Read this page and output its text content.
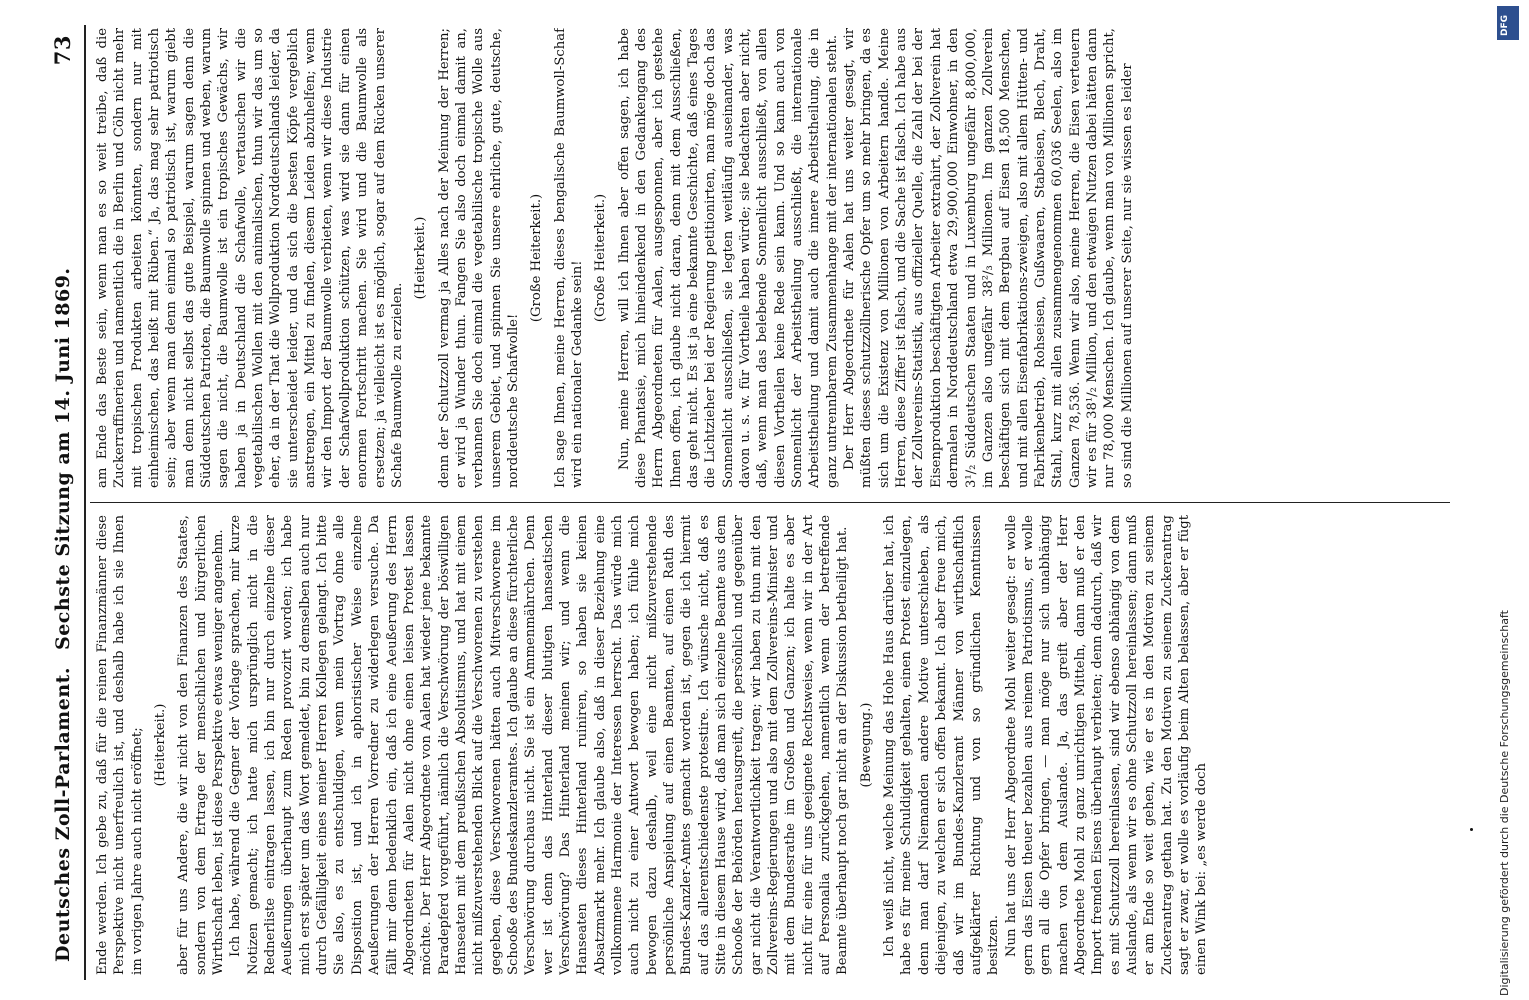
Deutsches Zoll-Parlament.
Sechste Sitzung am 14. Juni 1869.
73

Ende werden. Ich gebe zu, daß für die reinen Finanzmänner diese Perspektive nicht unerfreulich ist, und deshalb habe ich sie Ihnen im vorigen Jahre auch nicht eröffnet; (Heiterkeit.) aber für uns Andere, die wir nicht von den Finanzen des Staates, sondern von dem Ertrage der menschlichen und bürgerlichen Wirthschaft leben, ist diese Perspektive etwas weniger angenehm. Ich habe, während die Gegner der Vorlage sprachen, mir kurze Notizen gemacht; ich hatte mich ursprünglich nicht in die Rednerliste eintragen lassen, ich bin nur durch einzelne dieser Aeußerungen überhaupt zum Reden provozirt worden; ich habe mich erst später um das Wort gemeldet, bin zu demselben auch nur durch Gefälligkeit eines meiner Herren Kollegen gelangt. Ich bitte Sie also, es zu entschuldigen, wenn mein Vortrag ohne alle Disposition ist, und ich in aphoristischer Weise einzelne Aeußerungen der Herren Vorredner zu widerlegen versuche. Da fällt mir denn bedenklich ein, daß ich eine Aeußerung des Herrn Abgeordneten für Aalen nicht ohne einen leisen Protest lassen möchte. Der Herr Abgeordnete von Aalen hat wieder jene bekannte Paradepferd vorgeführt, nämlich die Verschwörung der böswilligen Hanseaten mit dem preußischen Absolutismus, und hat mit einem nicht mißzuverstehenden Blick auf die Verschworenen zu verstehen gegeben, diese Verschworenen hätten auch Mitverschworene im Schooße des Bundeskanzleramtes. Ich glaube an diese fürchterliche Verschwörung durchaus nicht. Sie ist ein Ammenmährchen. Denn wer ist denn das Hinterland dieser blutigen hanseatischen Verschwörung? Das Hinterland meinen wir; und wenn die Hanseaten dieses Hinterland ruiniren, so haben sie keinen Absatzmarkt mehr. Ich glaube also, daß in dieser Beziehung eine vollkommene Harmonie der Interessen herrscht. Das würde mich auch nicht zu einer Antwort bewogen haben; ich fühle mich bewogen dazu deshalb, weil eine nicht mißzuverstehende persönliche Anspielung auf einen Beamten, auf einen Rath des Bundes-Kanzler-Amtes gemacht worden ist, gegen die ich hiermit auf das allerentschiedenste protestire. Ich wünsche nicht, daß es Sitte in diesem Hause wird, daß man sich einzelne Beamte aus dem Schooße der Behörden herausgreift, die persönlich und gegenüber gar nicht die Verantwortlichkeit tragen; wir haben zu thun mit den Zollvereins-Regierungen und also mit dem Zollvereins-Minister und mit dem Bundesrathe im Großen und Ganzen; ich halte es aber nicht für eine für uns geeignete Rechtsweise, wenn wir in der Art auf Personalia zurückgehen, namentlich wenn der betreffende Beamte überhaupt noch gar nicht an der Diskussion betheiligt hat. (Bewegung.) Ich weiß nicht, welche Meinung das Hohe Haus darüber hat, ich habe es für meine Schuldigkeit gehalten, einen Protest einzulegen, denn man darf Niemanden andere Motive unterschieben, als diejenigen, zu welchen er sich offen bekannt. Ich aber freue mich, daß wir im Bundes-Kanzleramt Männer von wirthschaftlich aufgeklärter Richtung und von so gründlichen Kenntnissen besitzen. Nun hat uns der Herr Abgeordnete Mohl weiter gesagt: er wolle gern das Eisen theuer bezahlen aus reinem Patriotismus, er wolle gern all die Opfer bringen, — man möge nur sich unabhängig machen von dem Auslande. Ja, das greift aber der Herr Abgeordnete Mohl zu ganz unrichtigen Mitteln, dann muß er den Import fremden Eisens überhaupt verbieten; denn dadurch, daß wir es mit Schutzzoll hereinlassen, sind wir ebenso abhängig von dem Auslande, als wenn wir es ohne Schutzzoll hereinlassen; dann muß er am Ende so weit gehen, wie er es in den Motiven zu seinem Zuckerantrag gethan hat. Zu den Motiven zu seinem Zuckerantrag sagt er zwar, er wolle es vorläufig beim Alten belassen, aber er fügt einen Wink bei: „es werde doch

am Ende das Beste sein, wenn man es so weit treibe, daß die Zuckerraffinerien und namentlich die in Berlin und Cöln nicht mehr mit tropischen Produkten arbeiten könnten, sondern nur mit einheimischen, das heißt mit Rüben.“ Ja, das mag sehr patriotisch sein; aber wenn man denn einmal so patriotisch ist, warum giebt man denn nicht selbst das gute Beispiel, warum sagen denn die Süddeutschen Patrioten, die Baumwolle spinnen und weben, warum sagen die nicht, die Baumwolle ist ein tropisches Gewächs, wir haben ja in Deutschland die Schafwolle, vertauschen wir die vegetabilischen Wollen mit den animalischen, thun wir das um so eher, da in der That die Wollproduktion Norddeutschlands leider, da sie unterscheidet leider, und da sich die besten Köpfe vergeblich anstrengen, ein Mittel zu finden, diesem Leiden abzuhelfen; wenn wir den Import der Baumwolle verbieten, wenn wir diese Industrie der Schafwollproduktion schützen, was wird sie dann für einen enormen Fortschritt machen. Sie wird und die Baumwolle als ersetzen; ja vielleicht ist es möglich, sogar auf dem Rücken unserer Schafe Baumwolle zu erzielen.

(Heiterkeit.) denn der Schutzzoll vermag ja Alles nach der Meinung der Herren; er wird ja Wunder thun. Fangen Sie also doch einmal damit an, verbannen Sie doch einmal die vegetabilische tropische Wolle aus unserem Gebiet, und spinnen Sie unsere ehrliche, gute, deutsche, norddeutsche Schafwolle!

(Große Heiterkeit.) Ich sage Ihnen, meine Herren, dieses bengalische Baumwoll-Schaf wird ein nationaler Gedanke sein!

(Große Heiterkeit.) Nun, meine Herren, will ich Ihnen aber offen sagen, ich habe diese Phantasie, mich hineindenkend in den Gedankengang des Herrn Abgeordneten für Aalen, ausgesponnen, aber ich gestehe Ihnen offen, ich glaube nicht daran, denn mit dem Ausschließen, das geht nicht. Es ist ja eine bekannte Geschichte, daß eines Tages die Lichtzieher bei der Regierung petitionirten, man möge doch das Sonnenlicht ausschließen, sie legten weitläufig auseinander, was davon u. s. w. für Vortheile haben würde; sie bedachten aber nicht, daß, wenn man das belebende Sonnenlicht ausschließt, von allen diesen Vortheilen keine Rede sein kann. Und so kann auch von Sonnenlicht der Arbeitstheilung ausschließt, die internationale Arbeitstheilung und damit auch die innere Arbeitstheilung, die in ganz untrennbarem Zusammenhange mit der internationalen steht. Der Herr Abgeordnete für Aalen hat uns weiter gesagt, wir müßten dieses schutzzöllnerische Opfer um so mehr bringen, da es sich um die Existenz von Millionen von Arbeitern handle. Meine Herren, diese Ziffer ist falsch, und die Sache ist falsch. Ich habe aus der Zollvereins-Statistik, aus offizieller Quelle, die Zahl der bei der Eisenproduktion beschäftigten Arbeiter extrahirt, der Zollverein hat dermalen in Norddeutschland etwa 29,900,000 Einwohner, in den 3¹/₂ Süddeutschen Staaten und in Luxemburg ungefähr 8,800,000, im Ganzen also ungefähr 38²/₃ Millionen. Im ganzen Zollverein beschäftigen sich mit dem Bergbau auf Eisen 18,500 Menschen, und mit allen Eisenfabrikations-zweigen, also mit allem Hütten- und Fabrikenbetrieb, Rohseisen, Gußwaaren, Stabeisen, Blech, Draht, Stahl, kurz mit allen zusammengenommen 60,036 Seelen, also im Ganzen 78,536. Wenn wir also, meine Herren, die Eisen verteuern wir es für 38¹/₂ Million, und den etwaigen Nutzen dabei hätten dann nur 78,000 Menschen. Ich glaube, wenn man von Millionen spricht, so sind die Millionen auf unserer Seite, nur sie wissen es leider

Digitalisierung gefördert durch die Deutsche Forschungsgemeinschaft
DFG
